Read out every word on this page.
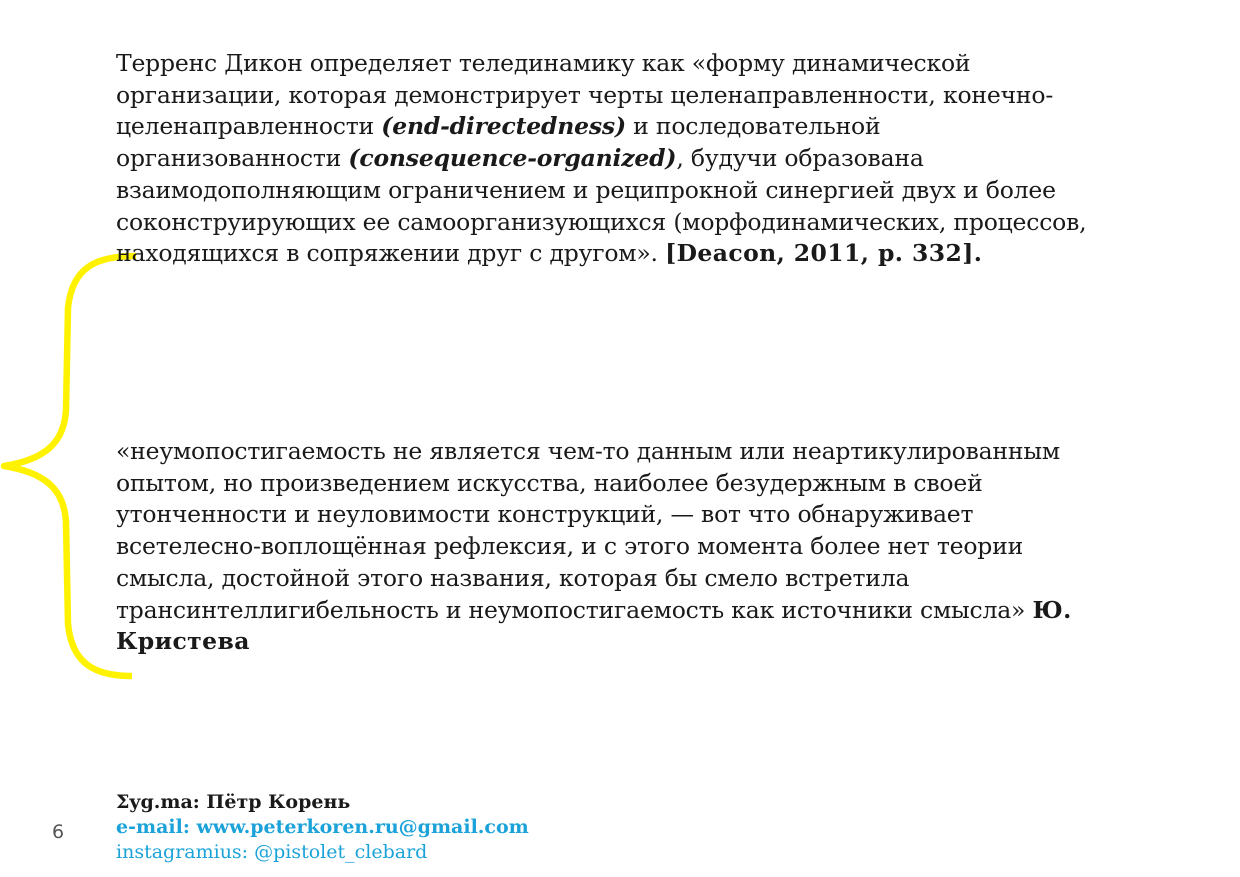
Терренс Дикон определяет телединамику как «форму динамической организации, которая демонстрирует черты целенаправленности, конечно-целенаправленности (end-directedness) и последовательной организованности (consequence-organized), будучи образована взаимодополняющим ограничением и реципрокной синергией двух и более соконструирующих ее самоорганизующихся (морфодинамических, процессов, находящихся в сопряжении друг с другом». [Deacon, 2011, p. 332].

«неумопостигаемость не является чем-то данным или неартикулированным опытом, но произведением искусства, наиболее безудержным в своей утонченности и неуловимости конструкций, — вот что обнаруживает всетелесно-воплощённая рефлексия, и с этого момента более нет теории смысла, достойной этого названия, которая бы смело встретила трансинтеллигибельность и неумопостигаемость как источники смысла» Ю. Кристева

Σyg.ma: Пётр Корень
e-mail: www.peterkoren.ru@gmail.com
instagramius: @pistolet_clebard
6
